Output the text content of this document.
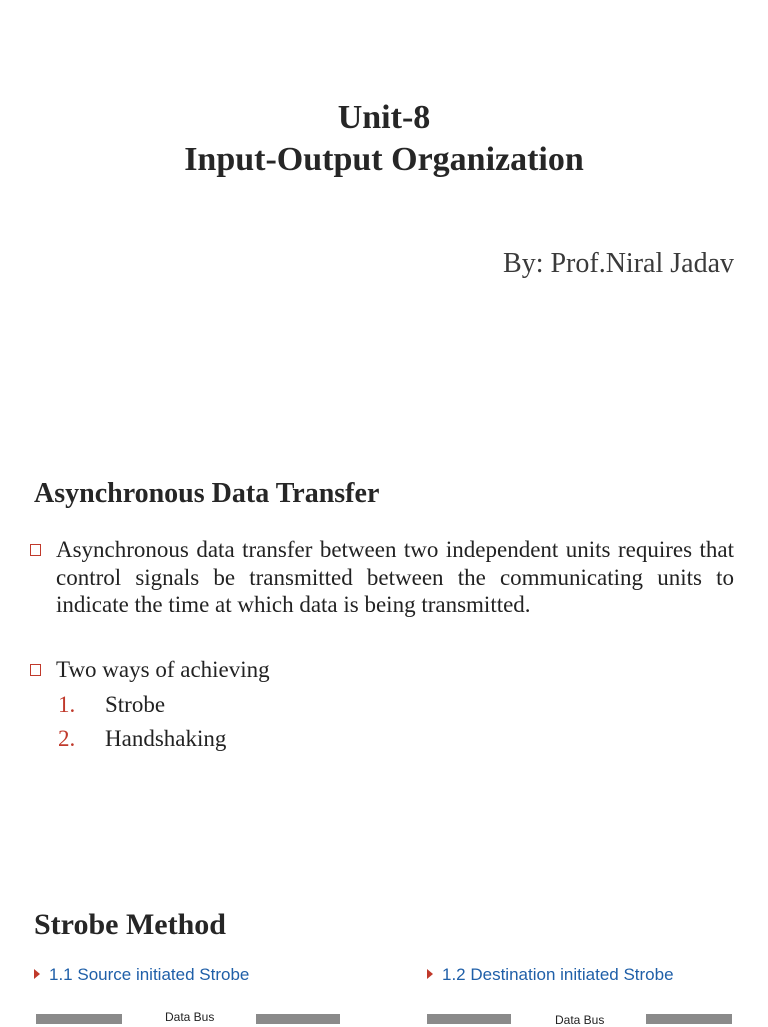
Unit-8
Input-Output Organization
By: Prof.Niral Jadav
Asynchronous Data Transfer
Asynchronous data transfer between two independent units requires that control signals be transmitted between the communicating units to indicate the time at which data is being transmitted.
Two ways of achieving
1. Strobe
2. Handshaking
Strobe Method
1.1 Source initiated Strobe	1.2 Destination initiated Strobe
Data Bus	Data Bus
